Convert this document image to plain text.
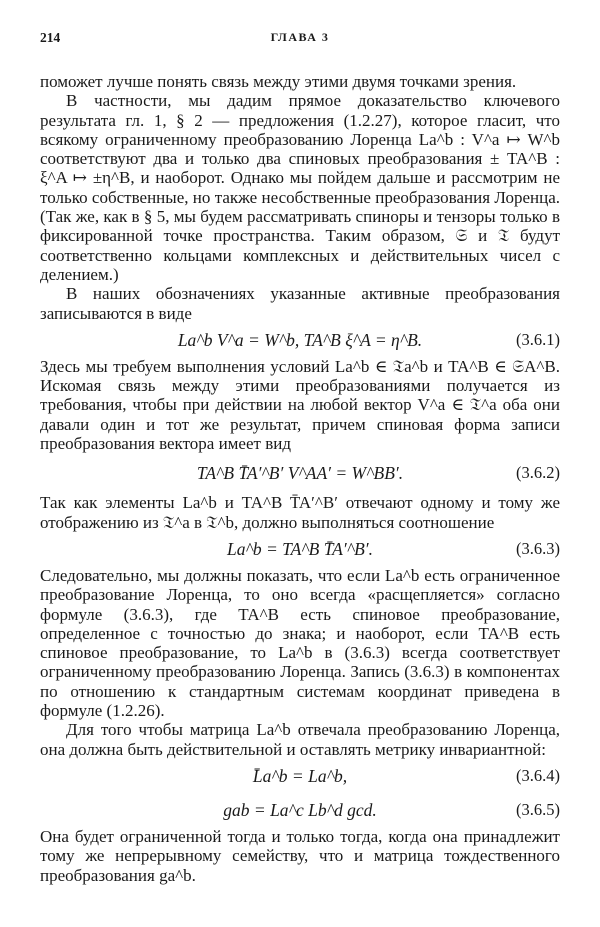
214	ГЛАВА 3

поможет лучше понять связь между этими двумя точками зрения.

В частности, мы дадим прямое доказательство ключевого результата гл. 1, § 2 — предложения (1.2.27), которое гласит, что всякому ограниченному преобразованию Лоренца La^b : V^a ↦ W^b соответствуют два и только два спиновых преобразования ± TA^B : ξ^A ↦ ±η^B, и наоборот. Однако мы пойдем дальше и рассмотрим не только собственные, но также несобственные преобразования Лоренца. (Так же, как в § 5, мы будем рассматривать спиноры и тензоры только в фиксированной точке пространства. Таким образом, 𝔖 и 𝔗 будут соответственно кольцами комплексных и действительных чисел с делением.)

В наших обозначениях указанные активные преобразования записываются в виде

La^b V^a = W^b, TA^B ξ^A = η^B.	(3.6.1)

Здесь мы требуем выполнения условий La^b ∈ 𝔗a^b и TA^B ∈ 𝔖A^B. Искомая связь между этими преобразованиями получается из требования, чтобы при действии на любой вектор V^a ∈ 𝔗^a оба они давали один и тот же результат, причем спиновая форма записи преобразования вектора имеет вид

TA^B T̄A′^B′ V^AA′ = W^BB′.	(3.6.2)

Так как элементы La^b и TA^B T̄A′^B′ отвечают одному и тому же отображению из 𝔗^a в 𝔗^b, должно выполняться соотношение

La^b = TA^B T̄A′^B′.	(3.6.3)

Следовательно, мы должны показать, что если La^b есть ограниченное преобразование Лоренца, то оно всегда «расщепляется» согласно формуле (3.6.3), где TA^B есть спиновое преобразование, определенное с точностью до знака; и наоборот, если TA^B есть спиновое преобразование, то La^b в (3.6.3) всегда соответствует ограниченному преобразованию Лоренца. Запись (3.6.3) в компонентах по отношению к стандартным системам координат приведена в формуле (1.2.26).

Для того чтобы матрица La^b отвечала преобразованию Лоренца, она должна быть действительной и оставлять метрику инвариантной:

L̄a^b = La^b,	(3.6.4)
gab = La^c Lb^d gcd.	(3.6.5)

Она будет ограниченной тогда и только тогда, когда она принадлежит тому же непрерывному семейству, что и матрица тождественного преобразования ga^b.
